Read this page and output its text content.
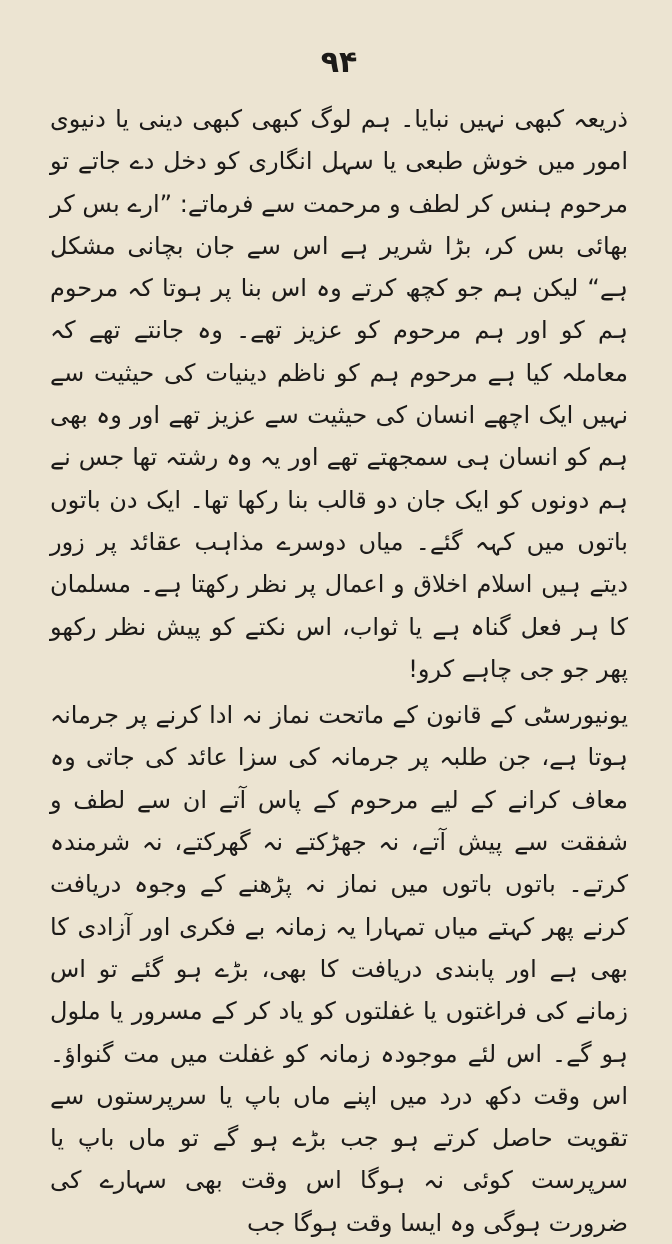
۹۴

ذریعہ کبھی نہیں نبایا۔ ہم لوگ کبھی کبھی دینی یا دنیوی امور میں خوش طبعی یا سہل انگاری کو دخل دے جاتے تو مرحوم ہنس کر لطف و مرحمت سے فرماتے: ”ارے بس کر بھائی بس کر، بڑا شریر ہے اس سے جان بچانی مشکل ہے“ لیکن ہم جو کچھ کرتے وہ اس بنا پر ہوتا کہ مرحوم ہم کو اور ہم مرحوم کو عزیز تھے۔ وہ جانتے تھے کہ معاملہ کیا ہے مرحوم ہم کو ناظم دینیات کی حیثیت سے نہیں ایک اچھے انسان کی حیثیت سے عزیز تھے اور وہ بھی ہم کو انسان ہی سمجھتے تھے اور یہ وہ رشتہ تھا جس نے ہم دونوں کو ایک جان دو قالب بنا رکھا تھا۔ ایک دن باتوں باتوں میں کہہ گئے۔ میاں دوسرے مذاہب عقائد پر زور دیتے ہیں اسلام اخلاق و اعمال پر نظر رکھتا ہے۔ مسلمان کا ہر فعل گناہ ہے یا ثواب، اس نکتے کو پیش نظر رکھو پھر جو جی چاہے کرو!

یونیورسٹی کے قانون کے ماتحت نماز نہ ادا کرنے پر جرمانہ ہوتا ہے، جن طلبہ پر جرمانہ کی سزا عائد کی جاتی وہ معاف کرانے کے لیے مرحوم کے پاس آتے ان سے لطف و شفقت سے پیش آتے، نہ جھڑکتے نہ گھرکتے، نہ شرمندہ کرتے۔ باتوں باتوں میں نماز نہ پڑھنے کے وجوہ دریافت کرنے پھر کہتے میاں تمہارا یہ زمانہ بے فکری اور آزادی کا بھی ہے اور پابندی دریافت کا بھی، بڑے ہو گئے تو اس زمانے کی فراغتوں یا غفلتوں کو یاد کر کے مسرور یا ملول ہو گے۔ اس لئے موجودہ زمانہ کو غفلت میں مت گنواؤ۔ اس وقت دکھ درد میں اپنے ماں باپ یا سرپرستوں سے تقویت حاصل کرتے ہو جب بڑے ہو گے تو ماں باپ یا سرپرست کوئی نہ ہوگا اس وقت بھی سہارے کی ضرورت ہوگی وہ ایسا وقت ہوگا جب
